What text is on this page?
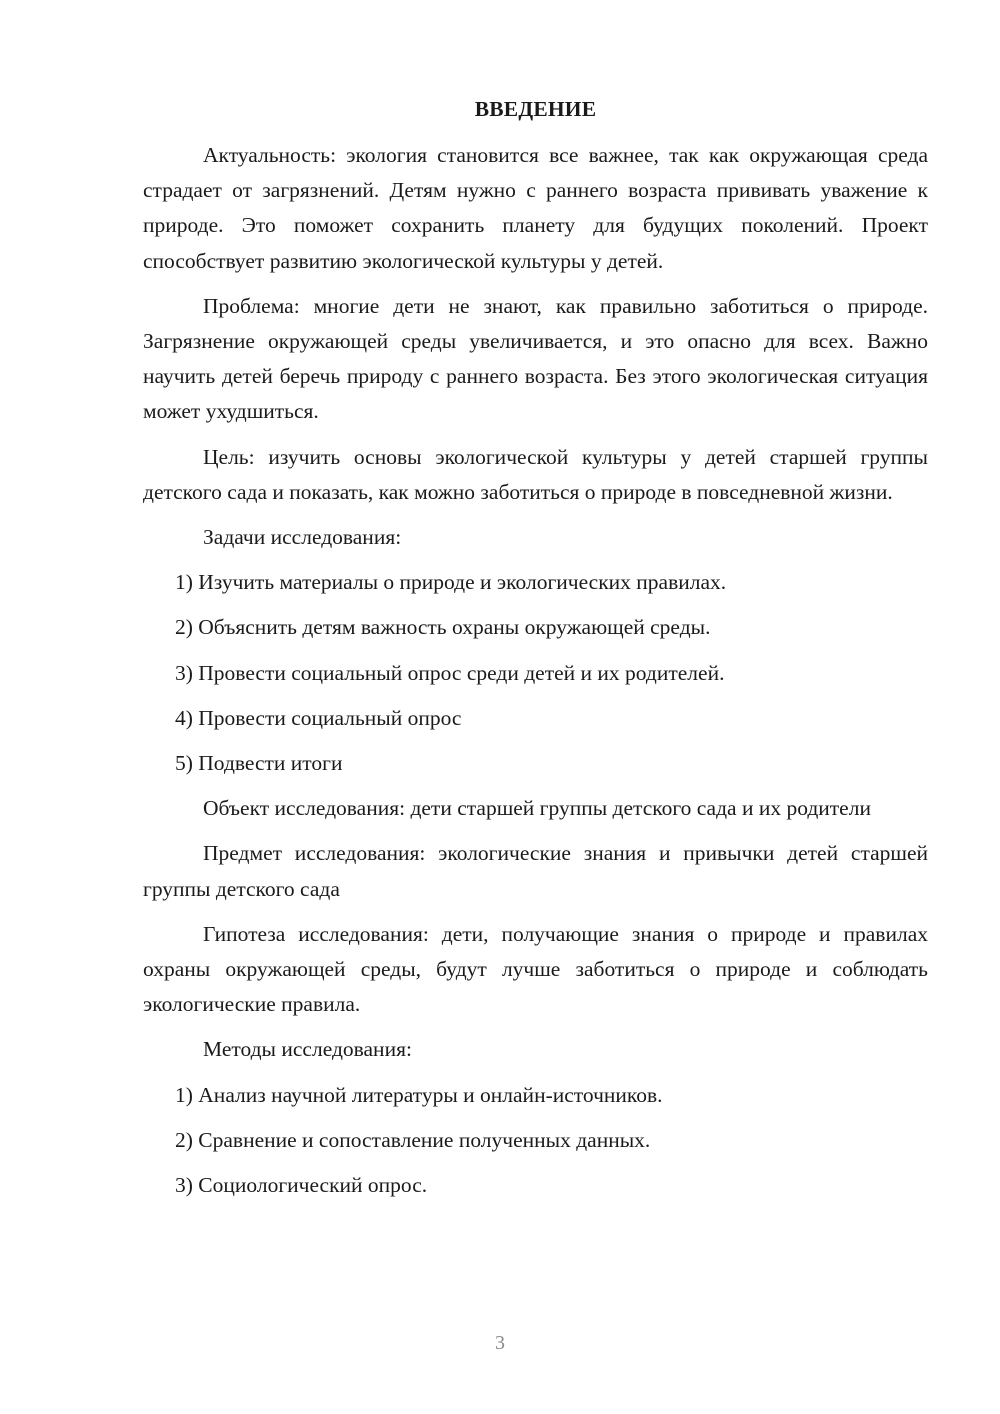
ВВЕДЕНИЕ

Актуальность: экология становится все важнее, так как окружающая среда страдает от загрязнений. Детям нужно с раннего возраста прививать уважение к природе. Это поможет сохранить планету для будущих поколений. Проект способствует развитию экологической культуры у детей.

Проблема: многие дети не знают, как правильно заботиться о природе. Загрязнение окружающей среды увеличивается, и это опасно для всех. Важно научить детей беречь природу с раннего возраста. Без этого экологическая ситуация может ухудшиться.

Цель: изучить основы экологической культуры у детей старшей группы детского сада и показать, как можно заботиться о природе в повседневной жизни.

Задачи исследования:
1) Изучить материалы о природе и экологических правилах.
2) Объяснить детям важность охраны окружающей среды.
3) Провести социальный опрос среди детей и их родителей.
4) Провести социальный опрос
5) Подвести итоги

Объект исследования: дети старшей группы детского сада и их родители

Предмет исследования: экологические знания и привычки детей старшей группы детского сада

Гипотеза исследования: дети, получающие знания о природе и правилах охраны окружающей среды, будут лучше заботиться о природе и соблюдать экологические правила.

Методы исследования:
1) Анализ научной литературы и онлайн-источников.
2) Сравнение и сопоставление полученных данных.
3) Социологический опрос.
3
